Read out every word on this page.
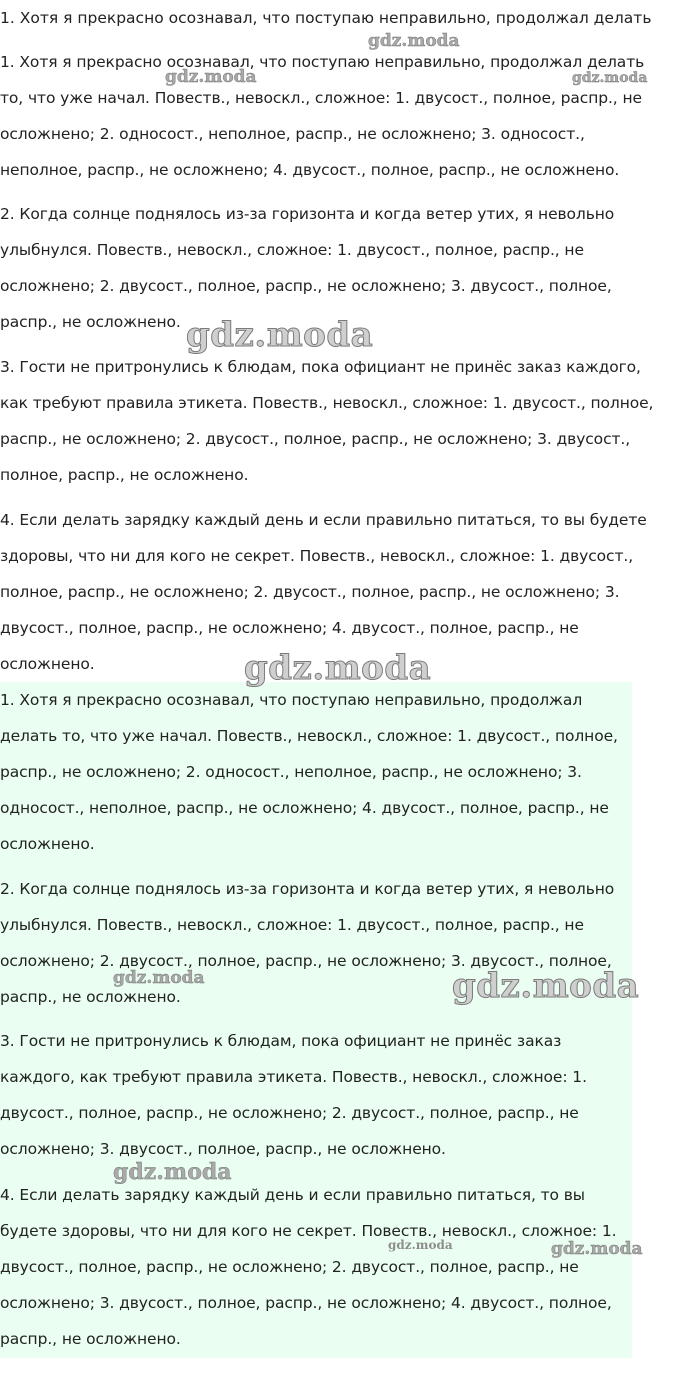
1. Хотя я прекрасно осознавал, что поступаю неправильно, продолжал делать

1. Хотя я прекрасно осознавал, что поступаю неправильно, продолжал делать то, что уже начал. Повеств., невоскл., сложное: 1. двусост., полное, распр., не осложнено; 2. односост., неполное, распр., не осложнено; 3. односост., неполное, распр., не осложнено; 4. двусост., полное, распр., не осложнено.

2. Когда солнце поднялось из-за горизонта и когда ветер утих, я невольно улыбнулся. Повеств., невоскл., сложное: 1. двусост., полное, распр., не осложнено; 2. двусост., полное, распр., не осложнено; 3. двусост., полное, распр., не осложнено.

3. Гости не притронулись к блюдам, пока официант не принёс заказ каждого, как требуют правила этикета. Повеств., невоскл., сложное: 1. двусост., полное, распр., не осложнено; 2. двусост., полное, распр., не осложнено; 3. двусост., полное, распр., не осложнено.

4. Если делать зарядку каждый день и если правильно питаться, то вы будете здоровы, что ни для кого не секрет. Повеств., невоскл., сложное: 1. двусост., полное, распр., не осложнено; 2. двусост., полное, распр., не осложнено; 3. двусост., полное, распр., не осложнено; 4. двусост., полное, распр., не осложнено.

1. Хотя я прекрасно осознавал, что поступаю неправильно, продолжал делать то, что уже начал. Повеств., невоскл., сложное: 1. двусост., полное, распр., не осложнено; 2. односост., неполное, распр., не осложнено; 3. односост., неполное, распр., не осложнено; 4. двусост., полное, распр., не осложнено.

2. Когда солнце поднялось из-за горизонта и когда ветер утих, я невольно улыбнулся. Повеств., невоскл., сложное: 1. двусост., полное, распр., не осложнено; 2. двусост., полное, распр., не осложнено; 3. двусост., полное, распр., не осложнено.

3. Гости не притронулись к блюдам, пока официант не принёс заказ каждого, как требуют правила этикета. Повеств., невоскл., сложное: 1. двусост., полное, распр., не осложнено; 2. двусост., полное, распр., не осложнено; 3. двусост., полное, распр., не осложнено.

4. Если делать зарядку каждый день и если правильно питаться, то вы будете здоровы, что ни для кого не секрет. Повеств., невоскл., сложное: 1. двусост., полное, распр., не осложнено; 2. двусост., полное, распр., не осложнено; 3. двусост., полное, распр., не осложнено; 4. двусост., полное, распр., не осложнено.

gdz.moda
gdz.moda	gdz.moda
gdz.moda
gdz.moda
gdz.moda	gdz.moda
gdz.moda
gdz.moda	gdz.moda
